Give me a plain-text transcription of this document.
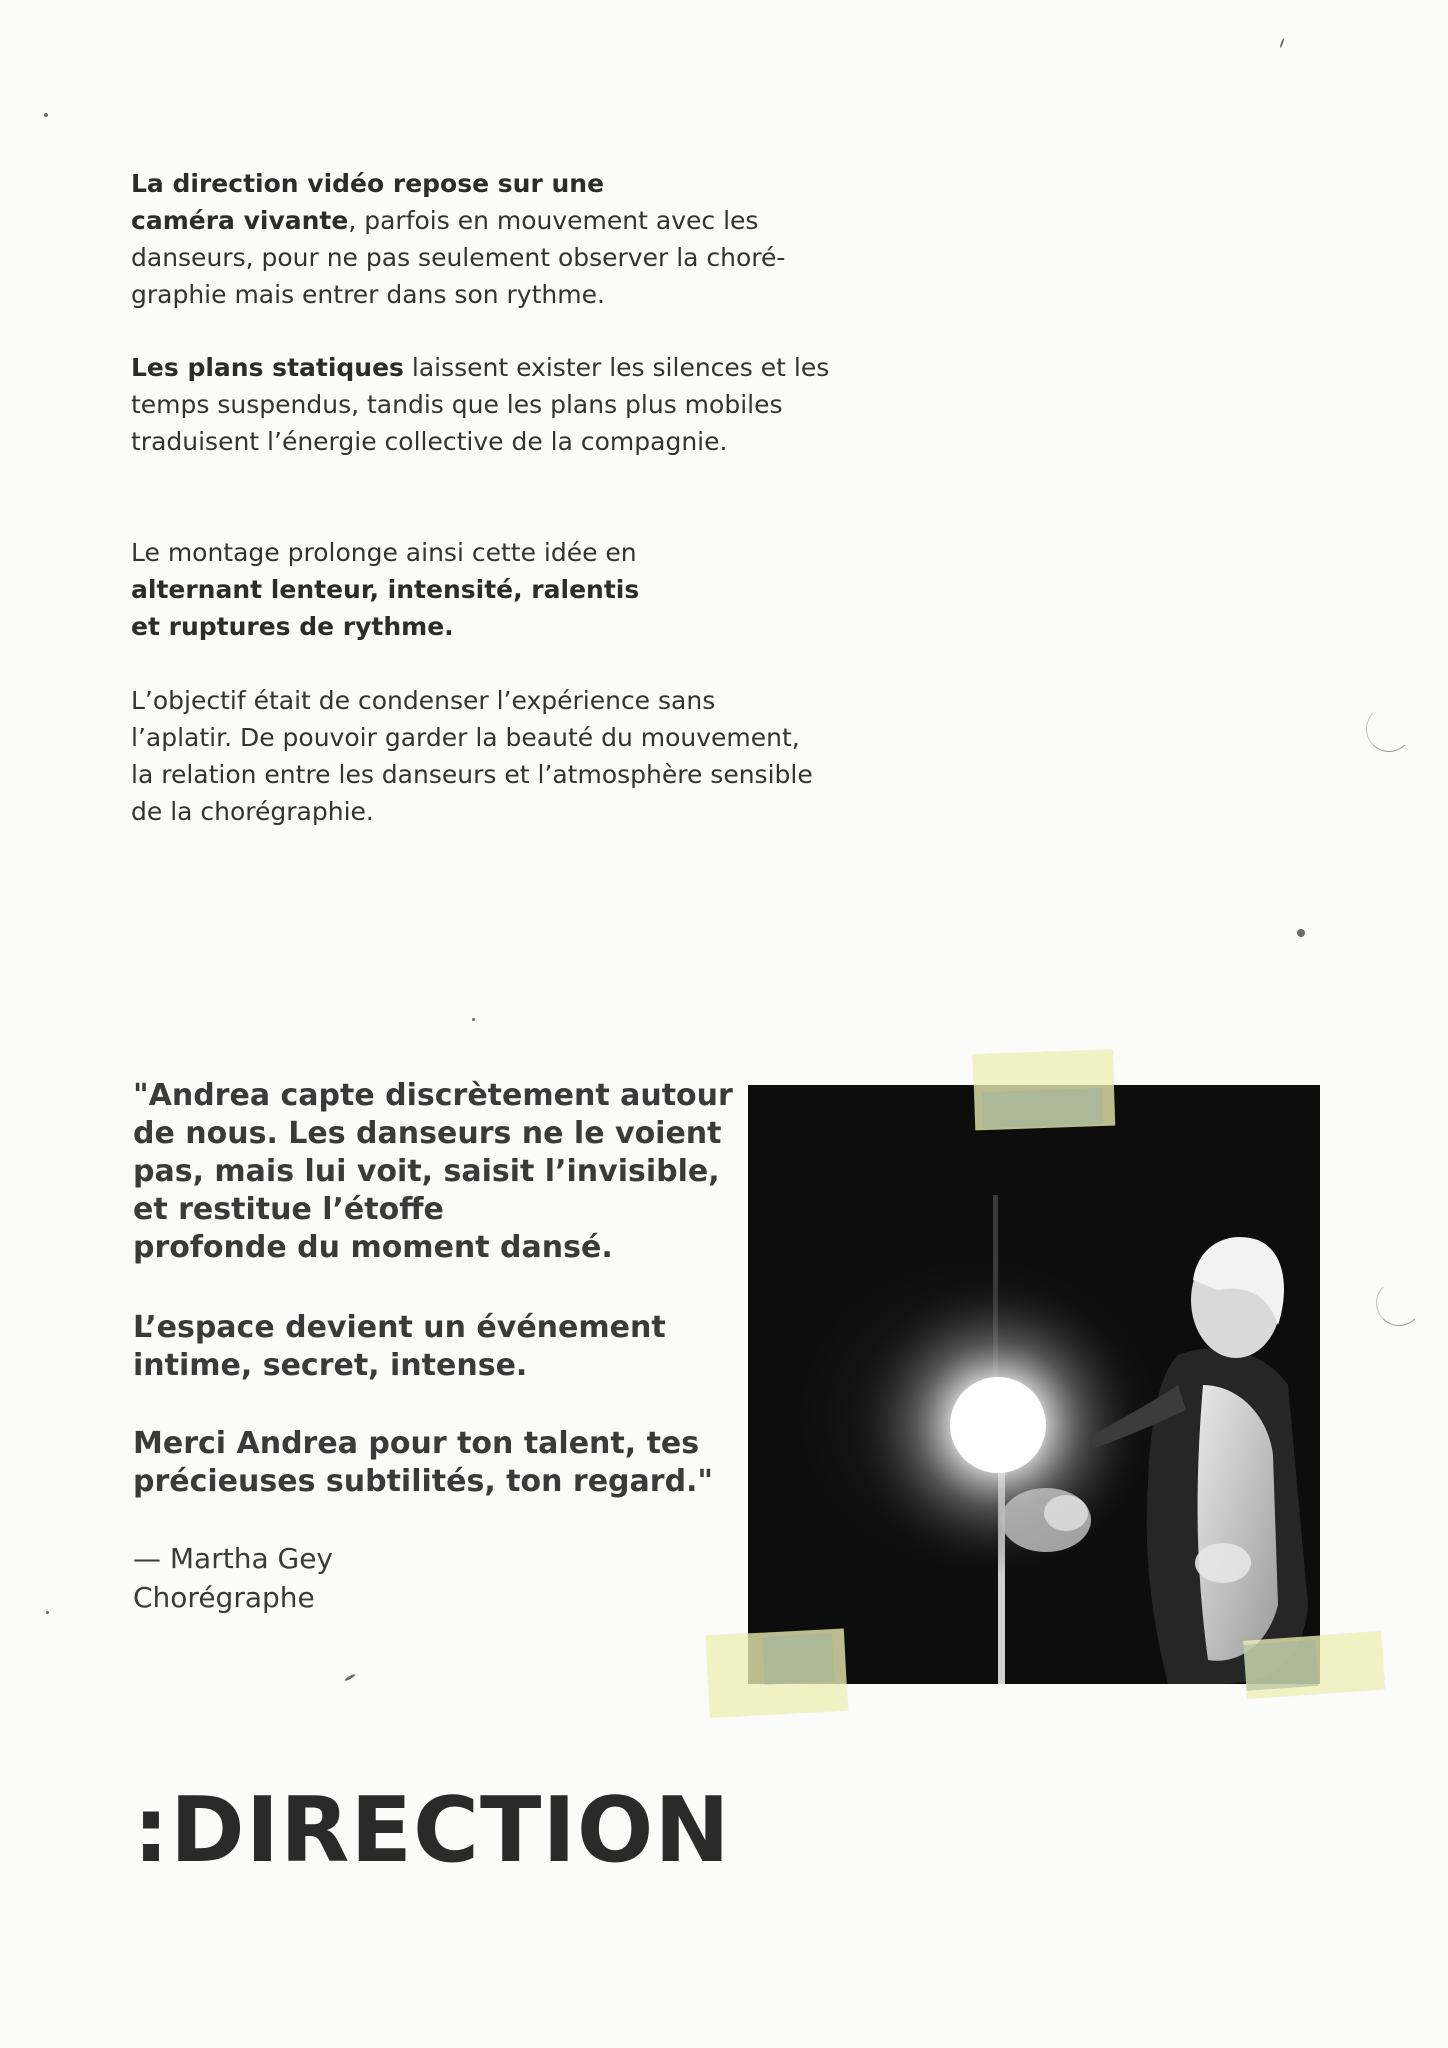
La direction vidéo repose sur une
caméra vivante, parfois en mouvement avec les
danseurs, pour ne pas seulement observer la choré-
graphie mais entrer dans son rythme.
Les plans statiques laissent exister les silences et les
temps suspendus, tandis que les plans plus mobiles
traduisent l’énergie collective de la compagnie.
Le montage prolonge ainsi cette idée en
alternant lenteur, intensité, ralentis
et ruptures de rythme.
L’objectif était de condenser l’expérience sans
l’aplatir. De pouvoir garder la beauté du mouvement,
la relation entre les danseurs et l’atmosphère sensible
de la chorégraphie.
"Andrea capte discrètement autour
de nous. Les danseurs ne le voient
pas, mais lui voit, saisit l’invisible,
et restitue l’étoffe
profonde du moment dansé.
L’espace devient un événement
intime, secret, intense.
Merci Andrea pour ton talent, tes
précieuses subtilités, ton regard."
— Martha Gey
Chorégraphe
:DIRECTION
